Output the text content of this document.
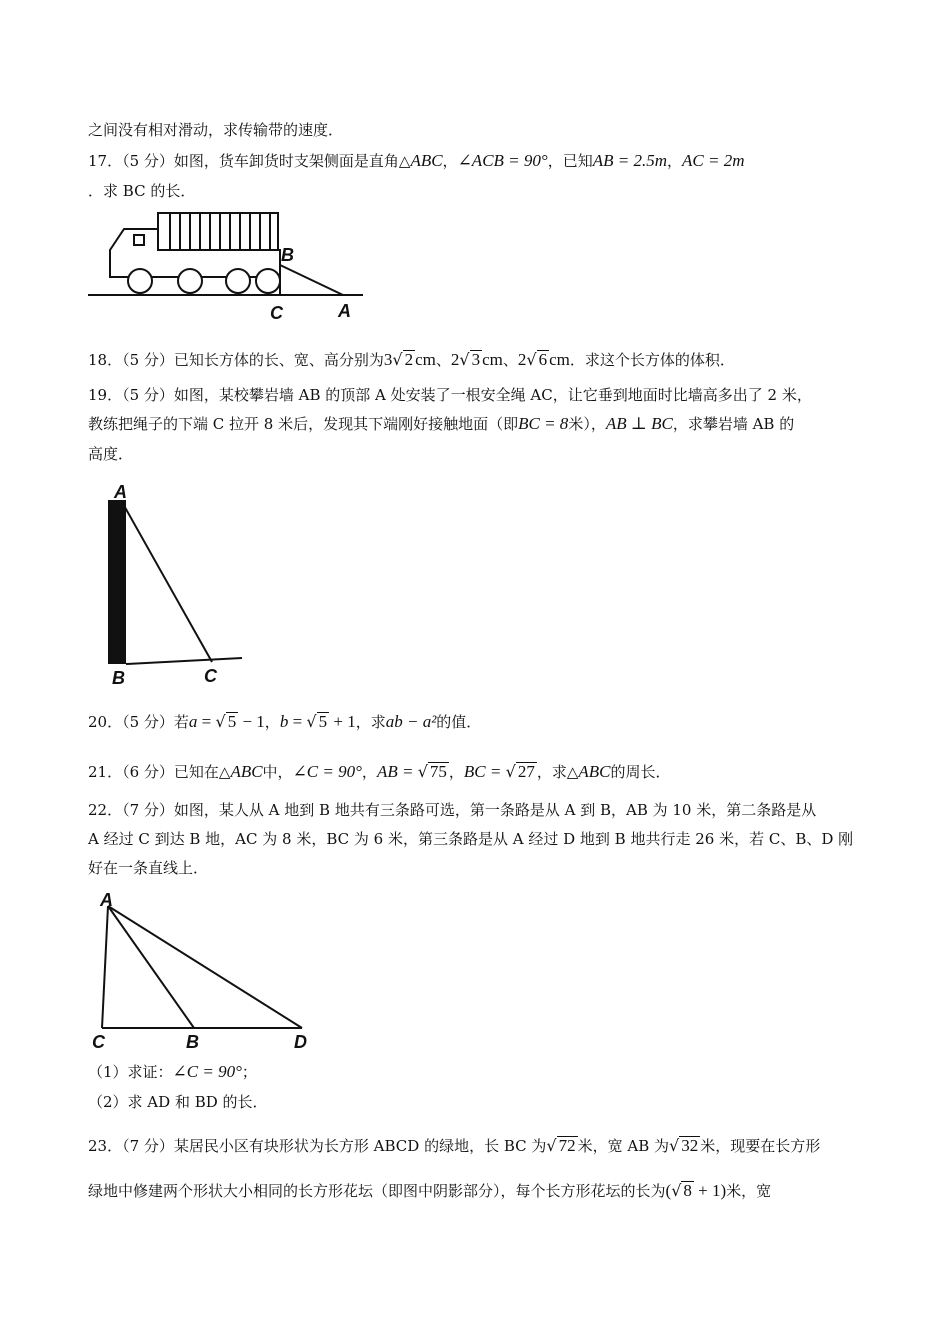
之间没有相对滑动，求传输带的速度．
17．（5 分）如图，货车卸货时支架侧面是直角△ABC，∠ACB = 90°，已知AB = 2.5m，AC = 2m
．求 BC 的长．
B
C	A
18．（5 分）已知长方体的长、宽、高分别为3√ 2 cm、2√ 3 cm、2√ 6 cm．求这个长方体的体积．
19．（5 分）如图，某校攀岩墙 AB 的顶部 A 处安装了一根安全绳 AC，让它垂到地面时比墙高多出了 2 米，
教练把绳子的下端 C 拉开 8 米后，发现其下端刚好接触地面（即BC = 8米），AB ⊥ BC，求攀岩墙 AB 的
高度．
A
B	C
20．（5 分）若a = √ 5 − 1，b = √ 5 + 1，求ab − a²的值．
21．（6 分）已知在△ABC中，∠C = 90°，AB = √ 75 ，BC = √ 27 ，求△ABC的周长．
22．（7 分）如图，某人从 A 地到 B 地共有三条路可选，第一条路是从 A 到 B，AB 为 10 米，第二条路是从
A 经过 C 到达 B 地，AC 为 8 米，BC 为 6 米，第三条路是从 A 经过 D 地到 B 地共行走 26 米，若 C、B、D 刚
好在一条直线上．
A
C	B	D
（1）求证：∠C = 90°；
（2）求 AD 和 BD 的长．
23．（7 分）某居民小区有块形状为长方形 ABCD 的绿地，长 BC 为√ 72 米，宽 AB 为√ 32 米，现要在长方形
绿地中修建两个形状大小相同的长方形花坛（即图中阴影部分），每个长方形花坛的长为(√ 8 + 1)米，宽
